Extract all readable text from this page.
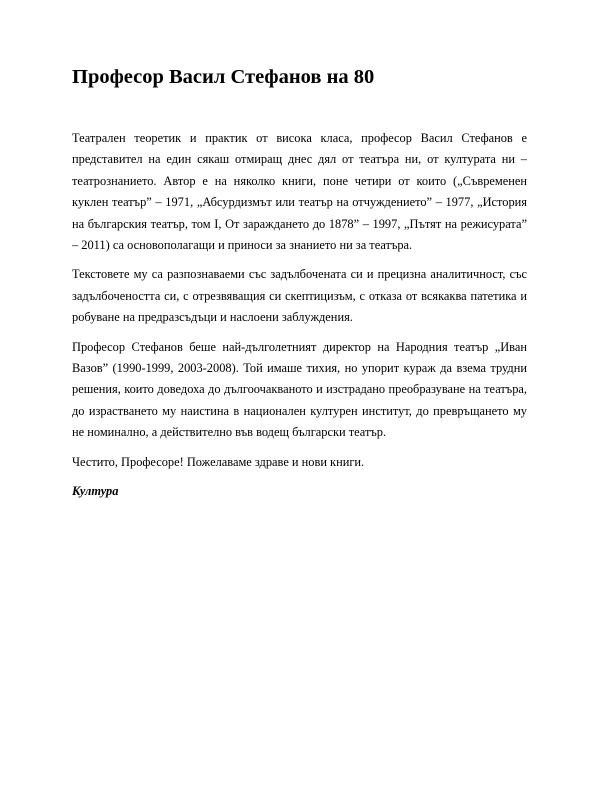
Професор Васил Стефанов на 80

Театрален теоретик и практик от висока класа, професор Васил Стефанов е представител на един сякаш отмиращ днес дял от театъра ни, от културата ни – театрознанието. Автор е на няколко книги, поне четири от които („Съвременен куклен театър” – 1971, „Абсурдизмът или театър на отчуждението” – 1977, „История на българския театър, том I, От зараждането до 1878” – 1997, „Пътят на режисурата” – 2011) са основополагащи и приноси за знанието ни за театъра.

Текстовете му са разпознаваеми със задълбочената си и прецизна аналитичност, със задълбочеността си, с отрезвяващия си скептицизъм, с отказа от всякаква патетика и робуване на предразсъдъци и наслоени заблуждения.

Професор Стефанов беше най-дълголетният директор на Народния театър „Иван Вазов” (1990-1999, 2003-2008). Той имаше тихия, но упорит кураж да взема трудни решения, които доведоха до дългоочакваното и изстрадано преобразуване на театъра, до израстването му наистина в национален културен институт, до превръщането му не номинално, а действително във водещ български театър.

Честито, Професоре! Пожелаваме здраве и нови книги.

Култура
